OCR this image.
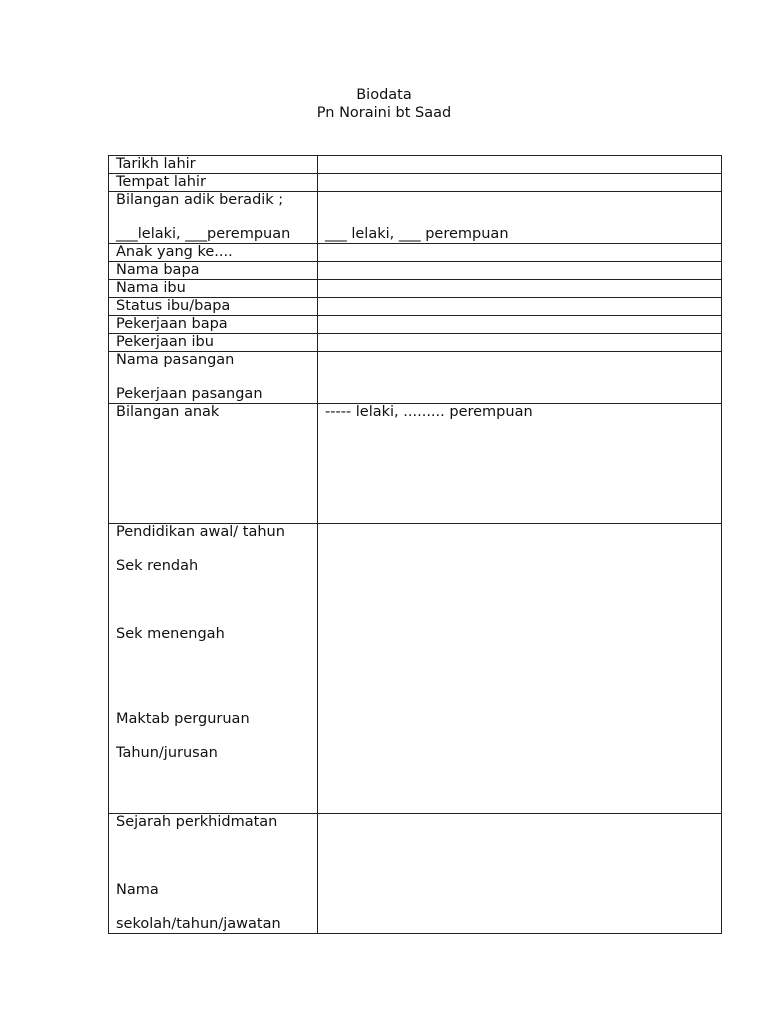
Biodata
Pn Noraini bt Saad
Tarikh lahir	
Tempat lahir	

Bilangan adik beradik ;
___lelaki, ___perempuan	___ lelaki, ___ perempuan

Anak yang ke....	
Nama bapa	
Nama ibu	
Status ibu/bapa	
Pekerjaan bapa	
Pekerjaan ibu	

Nama pasangan
Pekerjaan pasangan	

Bilangan anak	----- lelaki, ......... perempuan

Pendidikan awal/ tahun
Sek rendah
Sek menengah
Maktab perguruan
Tahun/jurusan	

Sejarah perkhidmatan
Nama
sekolah/tahun/jawatan	
